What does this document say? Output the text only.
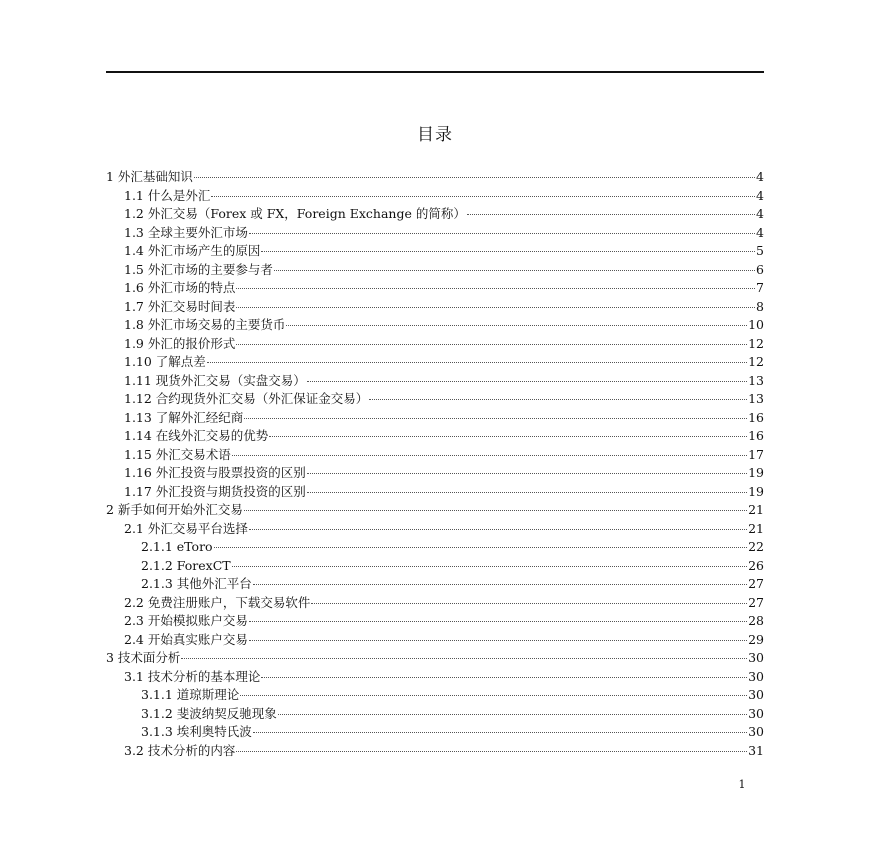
目录
1 外汇基础知识	4
1.1 什么是外汇	4
1.2 外汇交易（Forex 或 FX，Foreign Exchange 的简称）	4
1.3 全球主要外汇市场	4
1.4 外汇市场产生的原因	5
1.5 外汇市场的主要参与者	6
1.6 外汇市场的特点	7
1.7 外汇交易时间表	8
1.8 外汇市场交易的主要货币	10
1.9 外汇的报价形式	12
1.10 了解点差	12
1.11 现货外汇交易（实盘交易）	13
1.12 合约现货外汇交易（外汇保证金交易）	13
1.13 了解外汇经纪商	16
1.14 在线外汇交易的优势	16
1.15 外汇交易术语	17
1.16 外汇投资与股票投资的区别	19
1.17 外汇投资与期货投资的区别	19
2 新手如何开始外汇交易	21
2.1 外汇交易平台选择	21
2.1.1 eToro	22
2.1.2 ForexCT	26
2.1.3 其他外汇平台	27
2.2 免费注册账户，下载交易软件	27
2.3 开始模拟账户交易	28
2.4 开始真实账户交易	29
3 技术面分析	30
3.1 技术分析的基本理论	30
3.1.1 道琼斯理论	30
3.1.2 斐波纳契反驰现象	30
3.1.3 埃利奥特氏波	30
3.2 技术分析的内容	31
1
